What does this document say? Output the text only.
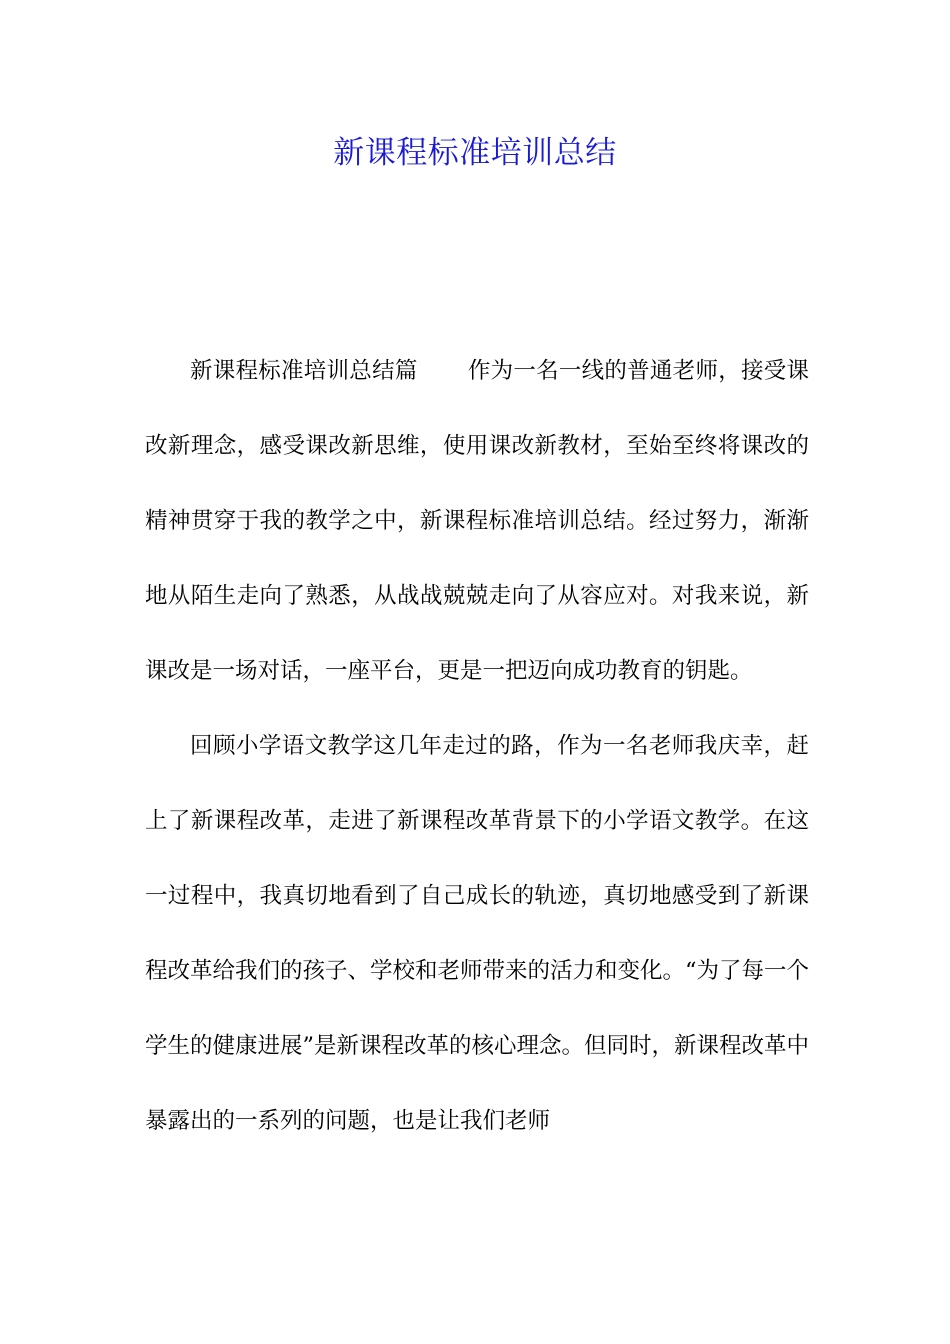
新课程标准培训总结

新课程标准培训总结篇 作为一名一线的普通老师，接受课改新理念，感受课改新思维，使用课改新教材，至始至终将课改的精神贯穿于我的教学之中，新课程标准培训总结。经过努力，渐渐地从陌生走向了熟悉，从战战兢兢走向了从容应对。对我来说，新课改是一场对话，一座平台，更是一把迈向成功教育的钥匙。

回顾小学语文教学这几年走过的路，作为一名老师我庆幸，赶上了新课程改革，走进了新课程改革背景下的小学语文教学。在这一过程中，我真切地看到了自己成长的轨迹，真切地感受到了新课程改革给我们的孩子、学校和老师带来的活力和变化。“为了每一个学生的健康进展”是新课程改革的核心理念。但同时，新课程改革中暴露出的一系列的问题，也是让我们老师
